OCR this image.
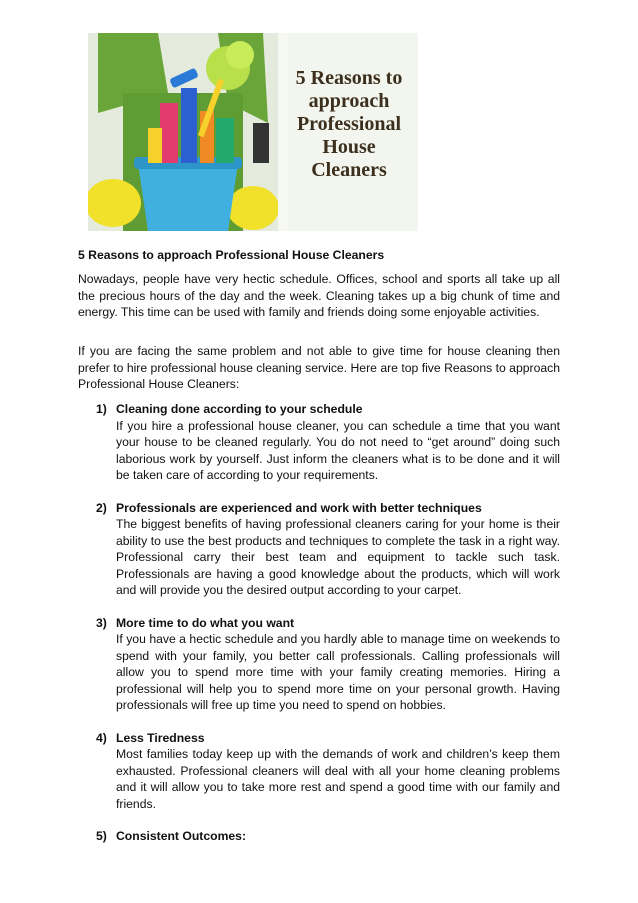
5 Reasons to
approach
Professional
House
Cleaners
5 Reasons to approach Professional House Cleaners

Nowadays, people have very hectic schedule. Offices, school and sports all take up all the precious hours of the day and the week. Cleaning takes up a big chunk of time and energy. This time can be used with family and friends doing some enjoyable activities.

If you are facing the same problem and not able to give time for house cleaning then prefer to hire professional house cleaning service. Here are top five Reasons to approach Professional House Cleaners:

1) Cleaning done according to your schedule
If you hire a professional house cleaner, you can schedule a time that you want your house to be cleaned regularly. You do not need to “get around” doing such laborious work by yourself. Just inform the cleaners what is to be done and it will be taken care of according to your requirements.
2) Professionals are experienced and work with better techniques
The biggest benefits of having professional cleaners caring for your home is their ability to use the best products and techniques to complete the task in a right way. Professional carry their best team and equipment to tackle such task. Professionals are having a good knowledge about the products, which will work and will provide you the desired output according to your carpet.
3) More time to do what you want
If you have a hectic schedule and you hardly able to manage time on weekends to spend with your family, you better call professionals. Calling professionals will allow you to spend more time with your family creating memories. Hiring a professional will help you to spend more time on your personal growth. Having professionals will free up time you need to spend on hobbies.
4) Less Tiredness
Most families today keep up with the demands of work and children’s keep them exhausted. Professional cleaners will deal with all your home cleaning problems and it will allow you to take more rest and spend a good time with our family and friends.
5) Consistent Outcomes:
